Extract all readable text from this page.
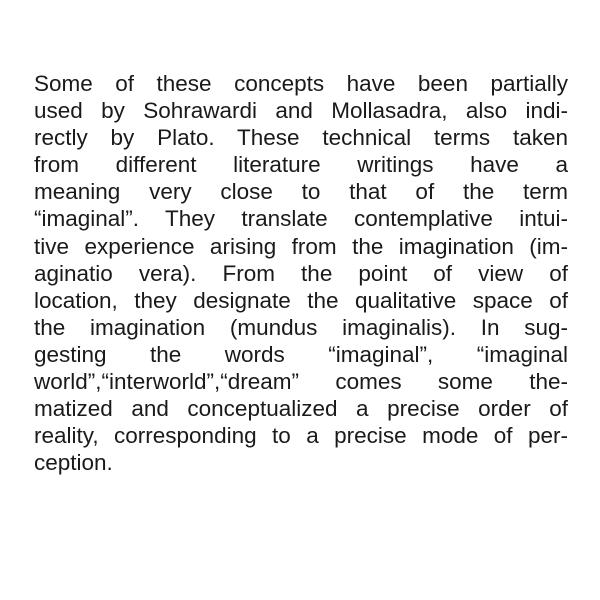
Some of these concepts have been partially
used by Sohrawardi and Mollasadra, also indi-
rectly by Plato. These technical terms taken
from different literature writings have a
meaning very close to that of the term
“imaginal”. They translate contemplative intui-
tive experience arising from the imagination (im-
aginatio vera). From the point of view of
location, they designate the qualitative space of
the imagination (mundus imaginalis). In sug-
gesting the words “imaginal”, “imaginal
world”,“interworld”,“dream” comes some the-
matized and conceptualized a precise order of
reality, corresponding to a precise mode of per-
ception.
